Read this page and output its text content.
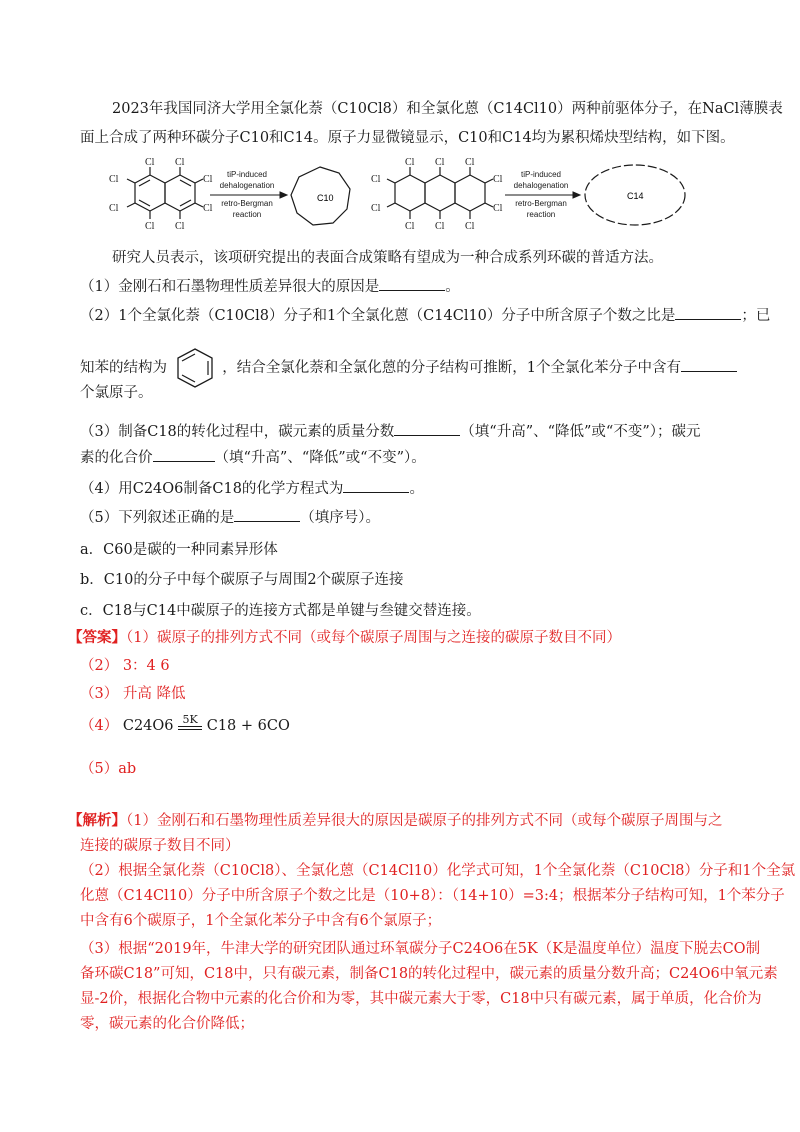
2023年我国同济大学用全氯化萘（C10Cl8）和全氯化蒽（C14Cl10）两种前驱体分子，在NaCl薄膜表
面上合成了两种环碳分子C10和C14。原子力显微镜显示，C10和C14均为累积烯炔型结构，如下图。
Cl Cl
Cl
Cl
Cl
Cl
Cl Cl
tiP-induced
dehalogenation
retro-Bergman
reaction
C10
Cl Cl Cl
Cl
Cl
Cl
Cl
Cl Cl Cl
tiP-induced
dehalogenation
retro-Bergman
reaction
C14
研究人员表示，该项研究提出的表面合成策略有望成为一种合成系列环碳的普适方法。
（1）金刚石和石墨物理性质差异很大的原因是	。
（2）1个全氯化萘（C10Cl8）分子和1个全氯化蒽（C14Cl10）分子中所含原子个数之比是	；已
知苯的结构为	，结合全氯化萘和全氯化蒽的分子结构可推断，1个全氯化苯分子中含有
个氯原子。
（3）制备C18的转化过程中，碳元素的质量分数	（填“升高”、“降低”或“不变”）；碳元
素的化合价	（填“升高”、“降低”或“不变”）。
（4）用C24O6制备C18的化学方程式为	。
（5）下列叙述正确的是	（填序号）。
a．C60是碳的一种同素异形体
b．C10的分子中每个碳原子与周围2个碳原子连接
c．C18与C14中碳原子的连接方式都是单键与叁键交替连接。
【答案】（1）碳原子的排列方式不同（或每个碳原子周围与之连接的碳原子数目不同）
（2） 3：4 6
（3） 升高 降低
（4） C24O6 5K C18 + 6CO
（5）ab
【解析】（1）金刚石和石墨物理性质差异很大的原因是碳原子的排列方式不同（或每个碳原子周围与之
连接的碳原子数目不同）
（2）根据全氯化萘（C10Cl8）、全氯化蒽（C14Cl10）化学式可知，1个全氯化萘（C10Cl8）分子和1个全氯
化蒽（C14Cl10）分子中所含原子个数之比是（10+8）：（14+10）=3:4；根据苯分子结构可知，1个苯分子
中含有6个碳原子，1个全氯化苯分子中含有6个氯原子；
（3）根据“2019年，牛津大学的研究团队通过环氧碳分子C24O6在5K（K是温度单位）温度下脱去CO制
备环碳C18”可知，C18中，只有碳元素，制备C18的转化过程中，碳元素的质量分数升高；C24O6中氧元素
显-2价，根据化合物中元素的化合价和为零，其中碳元素大于零，C18中只有碳元素，属于单质，化合价为
零，碳元素的化合价降低；
